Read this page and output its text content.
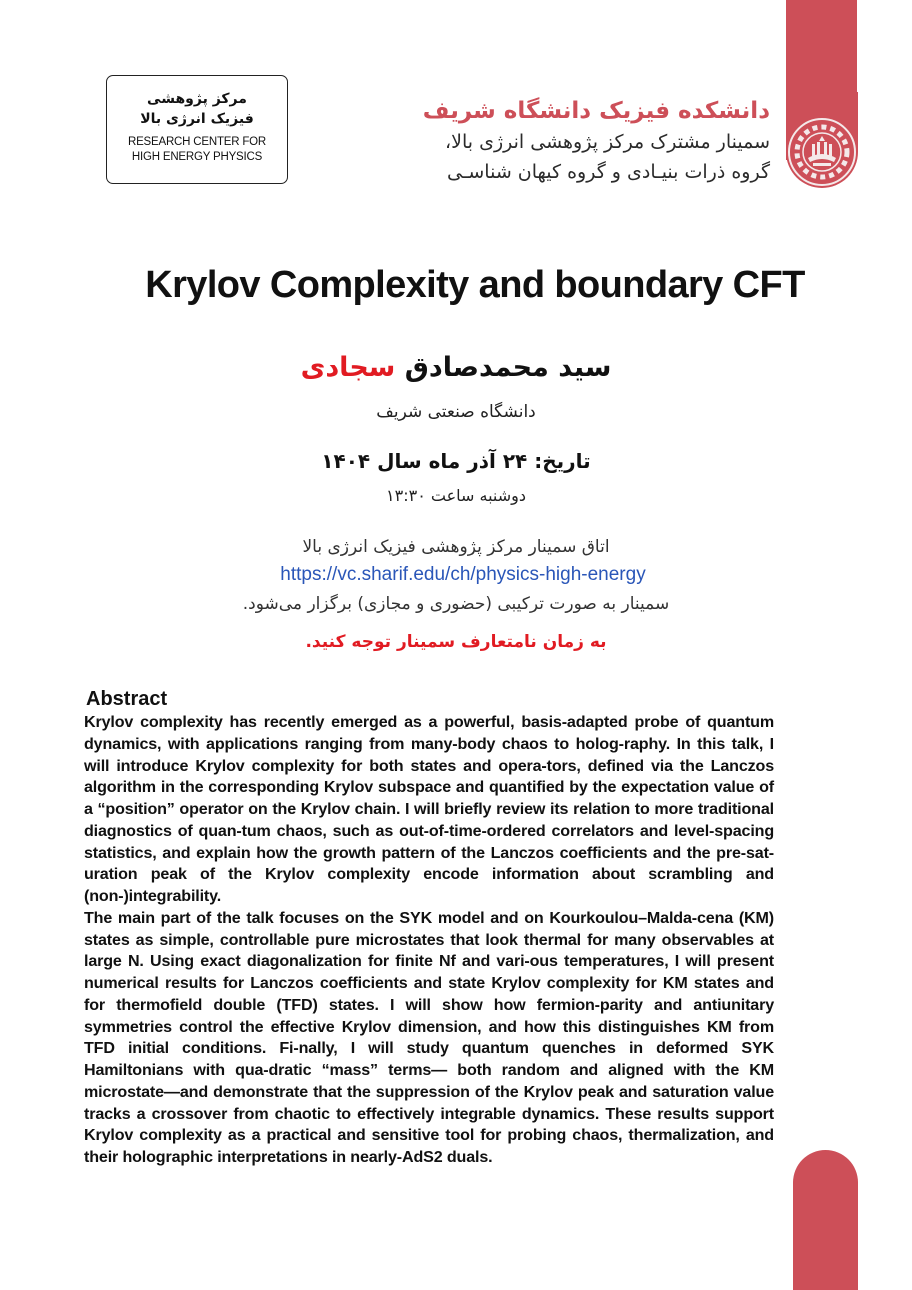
مرکز پژوهشی
فیزیک انرژی بالا
RESEARCH CENTER FOR
HIGH ENERGY PHYSICS
دانشکده فیزیک دانشگاه شریف
سمینار مشترک مرکز پژوهشی انرژی بالا،
گروه ذرات بنیـادی و گروه کیهان شناسـی
Krylov Complexity and boundary CFT
سید محمدصادق سجادی
دانشگاه صنعتی شریف
تاریخ: ۲۴ آذر ماه سال ۱۴۰۴
دوشنبه ساعت ۱۳:۳۰
اتاق سمینار مرکز پژوهشی فیزیک انرژی بالا
https://vc.sharif.edu/ch/physics-high-energy
سمینار به صورت ترکیبی (حضوری و مجازی) برگزار می‌شود.
به زمان نامتعارف سمینار توجه کنید.
Abstract

Krylov complexity has recently emerged as a powerful, basis-adapted probe of quantum dynamics, with applications ranging from many-body chaos to holog-raphy. In this talk, I will introduce Krylov complexity for both states and opera-tors, defined via the Lanczos algorithm in the corresponding Krylov subspace and quantified by the expectation value of a “position” operator on the Krylov chain. I will briefly review its relation to more traditional diagnostics of quan-tum chaos, such as out-of-time-ordered correlators and level-spacing statistics, and explain how the growth pattern of the Lanczos coefficients and the pre-sat-uration peak of the Krylov complexity encode information about scrambling and (non-)integrability.

The main part of the talk focuses on the SYK model and on Kourkoulou–Malda-cena (KM) states as simple, controllable pure microstates that look thermal for many observables at large N. Using exact diagonalization for finite Nf and vari-ous temperatures, I will present numerical results for Lanczos coefficients and state Krylov complexity for KM states and for thermofield double (TFD) states. I will show how fermion-parity and antiunitary symmetries control the effective Krylov dimension, and how this distinguishes KM from TFD initial conditions. Fi-nally, I will study quantum quenches in deformed SYK Hamiltonians with qua-dratic “mass” terms— both random and aligned with the KM microstate—and demonstrate that the suppression of the Krylov peak and saturation value tracks a crossover from chaotic to effectively integrable dynamics. These results support Krylov complexity as a practical and sensitive tool for probing chaos, thermalization, and their holographic interpretations in nearly-AdS2 duals.
